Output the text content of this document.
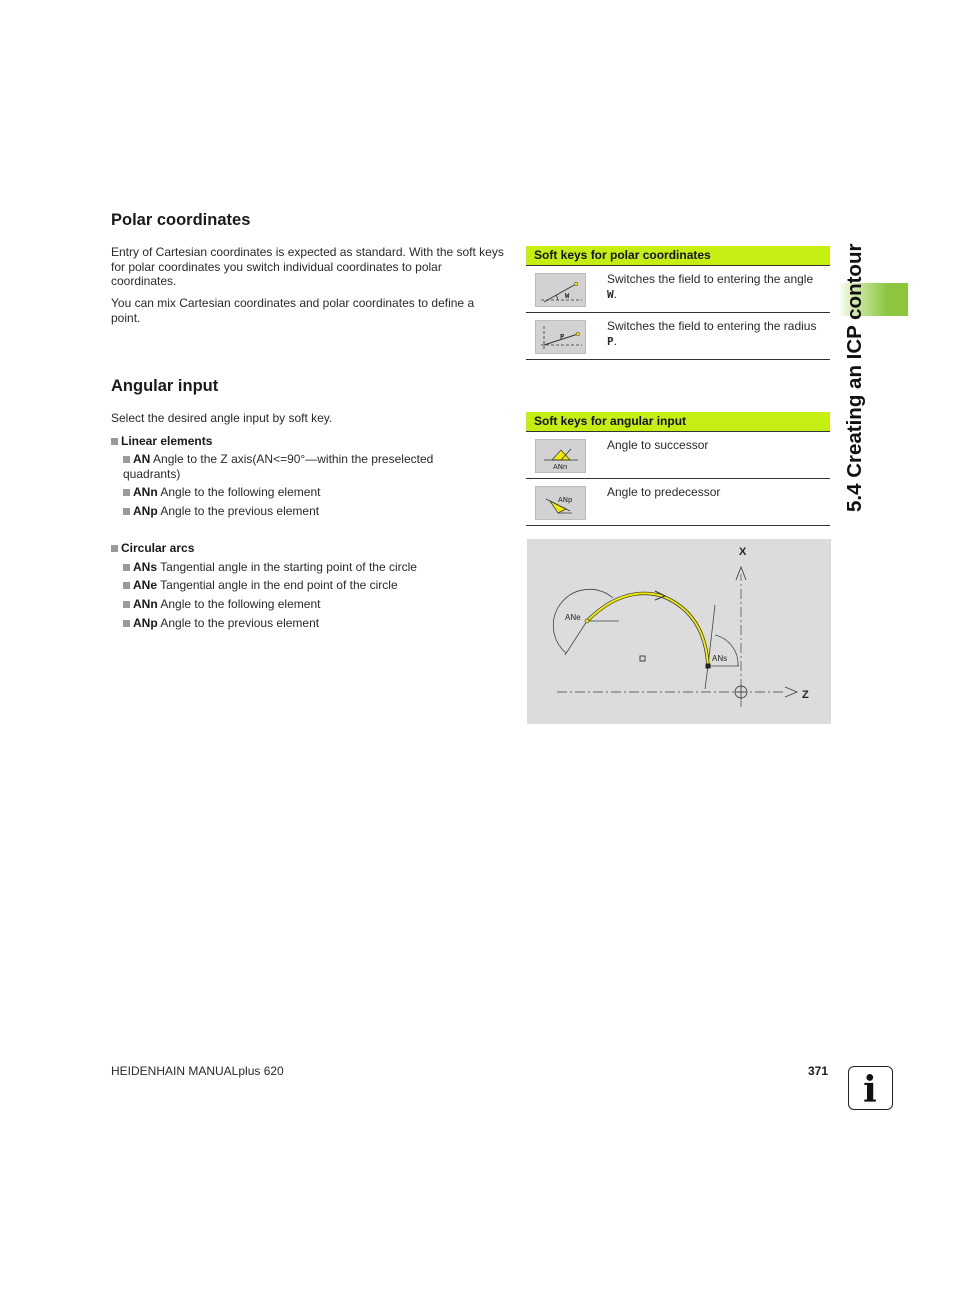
5.4 Creating an ICP contour
Polar coordinates

Entry of Cartesian coordinates is expected as standard. With the soft keys for polar coordinates you switch individual coordinates to polar coordinates.

You can mix Cartesian coordinates and polar coordinates to define a point.

Angular input

Select the desired angle input by soft key.

Linear elements
AN Angle to the Z axis(AN<=90°—within the preselected quadrants)
ANn Angle to the following element
ANp Angle to the previous element
Circular arcs
ANs Tangential angle in the starting point of the circle
ANe Tangential angle in the end point of the circle
ANn Angle to the following element
ANp Angle to the previous element
Soft keys for polar coordinates
W
Switches the field to entering the angle W.
P
Switches the field to entering the radius P.
Soft keys for angular input
ANn
Angle to successor
ANp
Angle to predecessor
X
Z
ANe
ANs
HEIDENHAIN MANUALplus 620	371 i
